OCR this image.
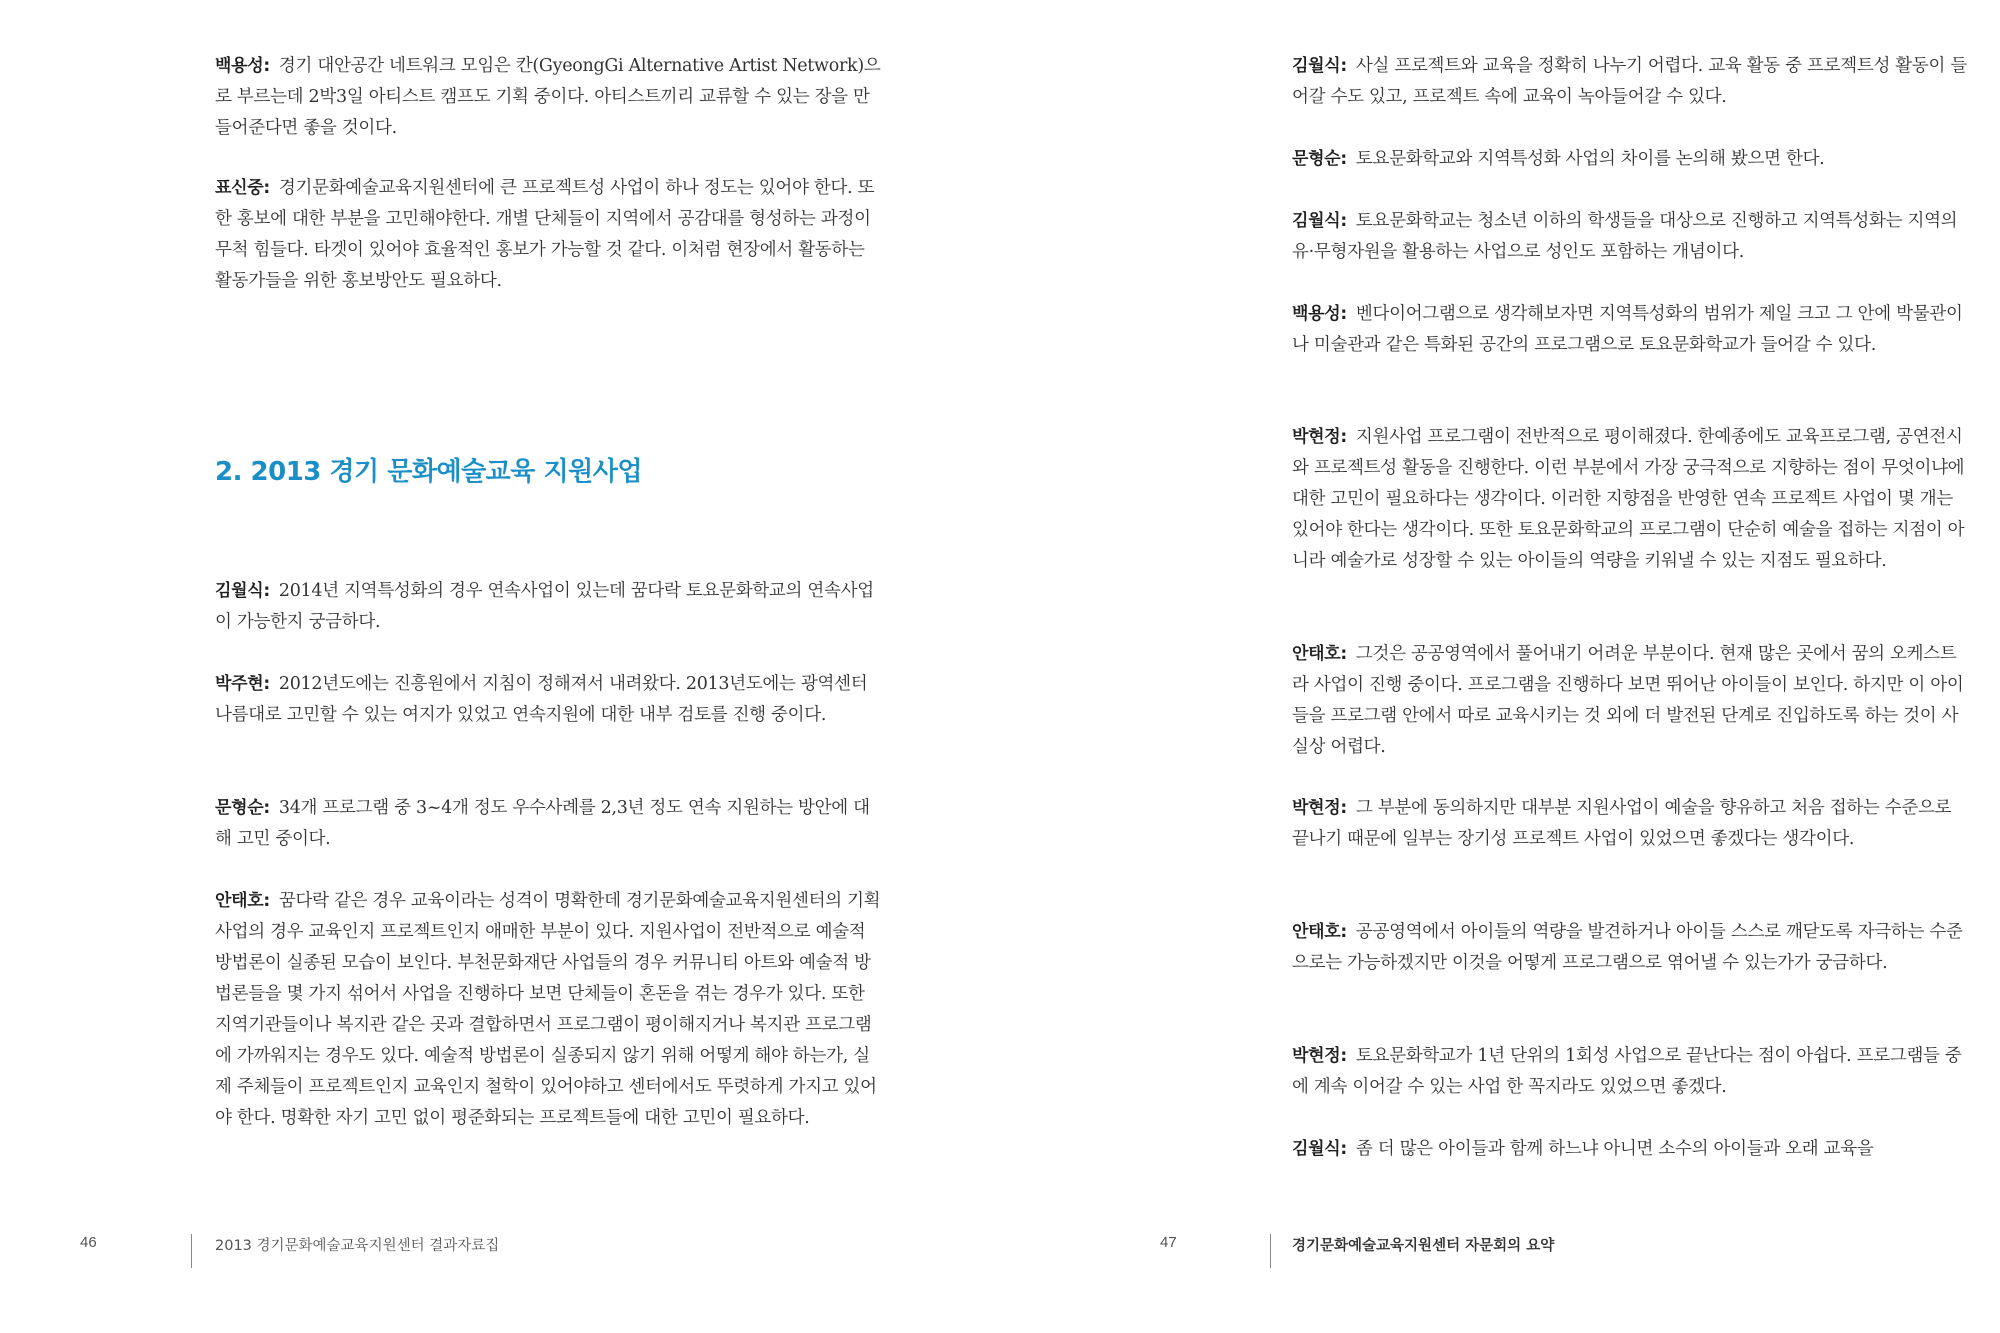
백용성: 경기 대안공간 네트워크 모임은 칸(GyeongGi Alternative Artist Network)으로 부르는데 2박3일 아티스트 캠프도 기획 중이다. 아티스트끼리 교류할 수 있는 장을 만들어준다면 좋을 것이다.

표신중: 경기문화예술교육지원센터에 큰 프로젝트성 사업이 하나 정도는 있어야 한다. 또한 홍보에 대한 부분을 고민해야한다. 개별 단체들이 지역에서 공감대를 형성하는 과정이 무척 힘들다. 타겟이 있어야 효율적인 홍보가 가능할 것 같다. 이처럼 현장에서 활동하는 활동가들을 위한 홍보방안도 필요하다.

2. 2013 경기 문화예술교육 지원사업

김월식: 2014년 지역특성화의 경우 연속사업이 있는데 꿈다락 토요문화학교의 연속사업이 가능한지 궁금하다.

박주현: 2012년도에는 진흥원에서 지침이 정해져서 내려왔다. 2013년도에는 광역센터 나름대로 고민할 수 있는 여지가 있었고 연속지원에 대한 내부 검토를 진행 중이다.

문형순: 34개 프로그램 중 3~4개 정도 우수사례를 2,3년 정도 연속 지원하는 방안에 대해 고민 중이다.

안태호: 꿈다락 같은 경우 교육이라는 성격이 명확한데 경기문화예술교육지원센터의 기획 사업의 경우 교육인지 프로젝트인지 애매한 부분이 있다. 지원사업이 전반적으로 예술적 방법론이 실종된 모습이 보인다. 부천문화재단 사업들의 경우 커뮤니티 아트와 예술적 방법론들을 몇 가지 섞어서 사업을 진행하다 보면 단체들이 혼돈을 겪는 경우가 있다. 또한 지역기관들이나 복지관 같은 곳과 결합하면서 프로그램이 평이해지거나 복지관 프로그램에 가까워지는 경우도 있다. 예술적 방법론이 실종되지 않기 위해 어떻게 해야 하는가, 실제 주체들이 프로젝트인지 교육인지 철학이 있어야하고 센터에서도 뚜렷하게 가지고 있어야 한다. 명확한 자기 고민 없이 평준화되는 프로젝트들에 대한 고민이 필요하다.

46	2013 경기문화예술교육지원센터 결과자료집

김월식: 사실 프로젝트와 교육을 정확히 나누기 어렵다. 교육 활동 중 프로젝트성 활동이 들어갈 수도 있고, 프로젝트 속에 교육이 녹아들어갈 수 있다.

문형순: 토요문화학교와 지역특성화 사업의 차이를 논의해 봤으면 한다.

김월식: 토요문화학교는 청소년 이하의 학생들을 대상으로 진행하고 지역특성화는 지역의 유·무형자원을 활용하는 사업으로 성인도 포함하는 개념이다.

백용성: 벤다이어그램으로 생각해보자면 지역특성화의 범위가 제일 크고 그 안에 박물관이나 미술관과 같은 특화된 공간의 프로그램으로 토요문화학교가 들어갈 수 있다.

박현정: 지원사업 프로그램이 전반적으로 평이해졌다. 한예종에도 교육프로그램, 공연전시와 프로젝트성 활동을 진행한다. 이런 부분에서 가장 궁극적으로 지향하는 점이 무엇이냐에 대한 고민이 필요하다는 생각이다. 이러한 지향점을 반영한 연속 프로젝트 사업이 몇 개는 있어야 한다는 생각이다. 또한 토요문화학교의 프로그램이 단순히 예술을 접하는 지점이 아니라 예술가로 성장할 수 있는 아이들의 역량을 키워낼 수 있는 지점도 필요하다.

안태호: 그것은 공공영역에서 풀어내기 어려운 부분이다. 현재 많은 곳에서 꿈의 오케스트라 사업이 진행 중이다. 프로그램을 진행하다 보면 뛰어난 아이들이 보인다. 하지만 이 아이들을 프로그램 안에서 따로 교육시키는 것 외에 더 발전된 단계로 진입하도록 하는 것이 사실상 어렵다.

박현정: 그 부분에 동의하지만 대부분 지원사업이 예술을 향유하고 처음 접하는 수준으로 끝나기 때문에 일부는 장기성 프로젝트 사업이 있었으면 좋겠다는 생각이다.

안태호: 공공영역에서 아이들의 역량을 발견하거나 아이들 스스로 깨닫도록 자극하는 수준으로는 가능하겠지만 이것을 어떻게 프로그램으로 엮어낼 수 있는가가 궁금하다.

박현정: 토요문화학교가 1년 단위의 1회성 사업으로 끝난다는 점이 아쉽다. 프로그램들 중에 계속 이어갈 수 있는 사업 한 꼭지라도 있었으면 좋겠다.

김월식: 좀 더 많은 아이들과 함께 하느냐 아니면 소수의 아이들과 오래 교육을

47	경기문화예술교육지원센터 자문회의 요약
